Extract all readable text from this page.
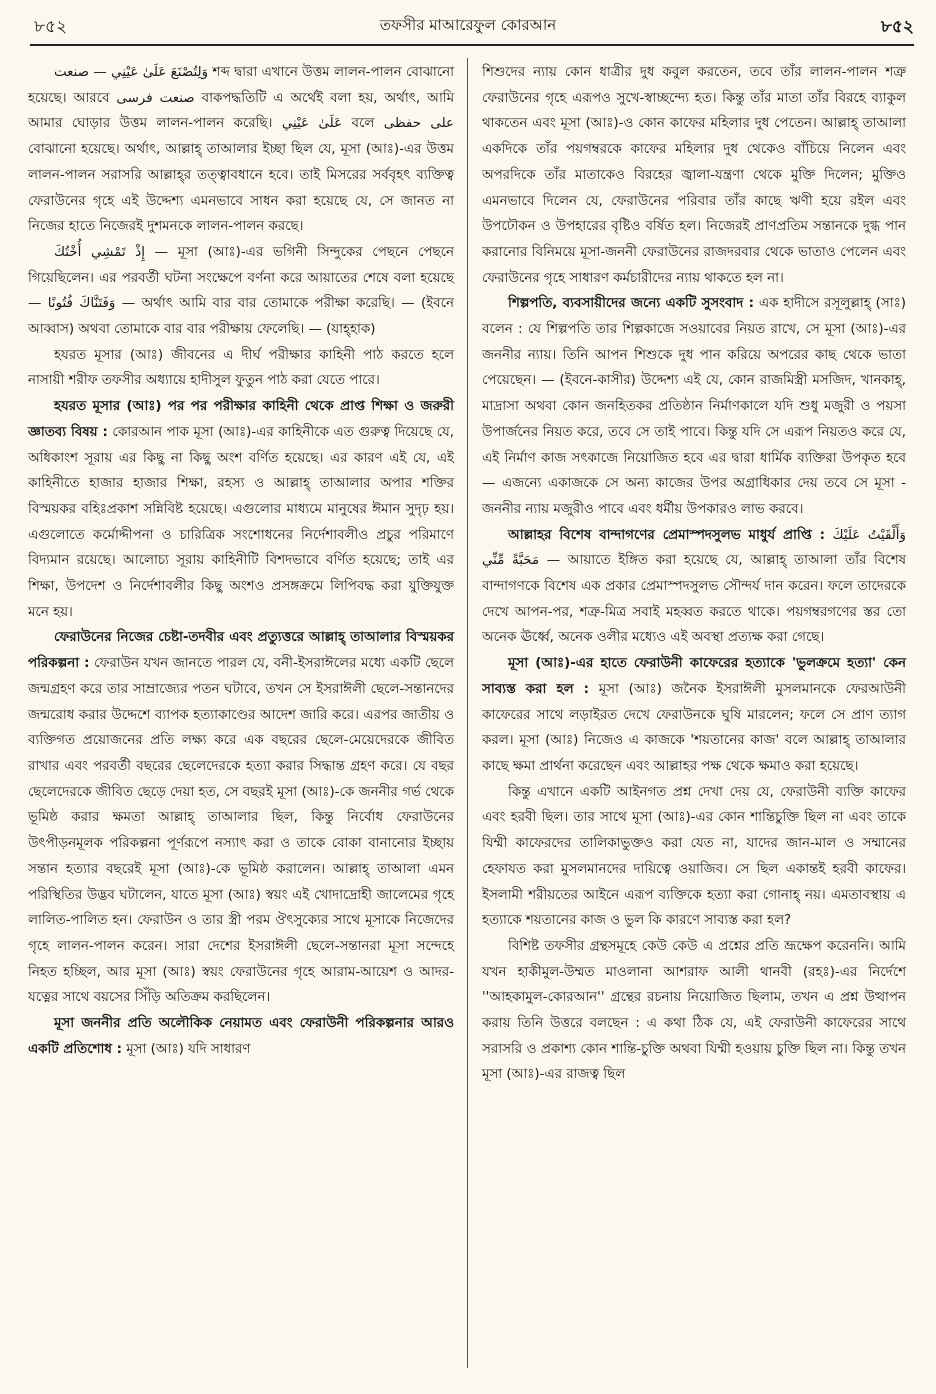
৮৫২	তফসীর মাআরেফুল কোরআন	৮৫২

وَلِتُصْنَعَ عَلَىٰ عَيْنِي — صنعت শব্দ দ্বারা এখানে উত্তম লালন-পালন বোঝানো হয়েছে। আরবে صنعت فرسی বাকপদ্ধতিটি এ অর্থেই বলা হয়, অর্থাৎ, আমি আমার ঘোড়ার উত্তম লালন-পালন করেছি। عَلَىٰ عَيْنِي বলে علی حفظی বোঝানো হয়েছে। অর্থাৎ, আল্লাহ্ তাআলার ইচ্ছা ছিল যে, মূসা (আঃ)-এর উত্তম লালন-পালন সরাসরি আল্লাহ্‌র তত্ত্বাবধানে হবে। তাই মিসরের সর্ববৃহৎ ব্যক্তিত্ব ফেরাউনের গৃহে এই উদ্দেশ্য এমনভাবে সাধন করা হয়েছে যে, সে জানত না নিজের হাতে নিজেরই দুশমনকে লালন-পালন করছে।

إِذْ تَمْشِي أُخْتُكَ — মূসা (আঃ)-এর ভগিনী সিন্দুকের পেছনে পেছনে গিয়েছিলেন। এর পরবর্তী ঘটনা সংক্ষেপে বর্ণনা করে আয়াতের শেষে বলা হয়েছে— وَفَتَنَّاكَ فُتُونًا — অর্থাৎ আমি বার বার তোমাকে পরীক্ষা করেছি। — (ইবনে আব্বাস) অথবা তোমাকে বার বার পরীক্ষায় ফেলেছি। — (যাহ্হাক)

হযরত মূসার (আঃ) জীবনের এ দীর্ঘ পরীক্ষার কাহিনী পাঠ করতে হলে নাসায়ী শরীফ তফসীর অধ্যায়ে হাদীসুল ফুতুন পাঠ করা যেতে পারে।

হযরত মূসার (আঃ) পর পর পরীক্ষার কাহিনী থেকে প্রাপ্ত শিক্ষা ও জরুরী জ্ঞাতব্য বিষয় : কোরআন পাক মূসা (আঃ)-এর কাহিনীকে এত গুরুত্ব দিয়েছে যে, অধিকাংশ সূরায় এর কিছু না কিছু অংশ বর্ণিত হয়েছে। এর কারণ এই যে, এই কাহিনীতে হাজার হাজার শিক্ষা, রহস্য ও আল্লাহ্ তাআলার অপার শক্তির বিস্ময়কর বহিঃপ্রকাশ সন্নিবিষ্ট হয়েছে। এগুলোর মাধ্যমে মানুষের ঈমান সুদৃঢ় হয়। এগুলোতে কর্মোদ্দীপনা ও চারিত্রিক সংশোধনের নির্দেশাবলীও প্রচুর পরিমাণে বিদ্যমান রয়েছে। আলোচ্য সূরায় কাহিনীটি বিশদভাবে বর্ণিত হয়েছে; তাই এর শিক্ষা, উপদেশ ও নির্দেশাবলীর কিছু অংশও প্রসঙ্গক্রমে লিপিবদ্ধ করা যুক্তিযুক্ত মনে হয়।

ফেরাউনের নিজের চেষ্টা-তদবীর এবং প্রত্যুত্তরে আল্লাহ্ তাআলার বিস্ময়কর পরিকল্পনা : ফেরাউন যখন জানতে পারল যে, বনী-ইসরাঈলের মধ্যে একটি ছেলে জন্মগ্রহণ করে তার সাম্রাজ্যের পতন ঘটাবে, তখন সে ইসরাঈলী ছেলে-সন্তানদের জন্মরোধ করার উদ্দেশে ব্যাপক হত্যাকাণ্ডের আদেশ জারি করে। এরপর জাতীয় ও ব্যক্তিগত প্রয়োজনের প্রতি লক্ষ্য করে এক বছরের ছেলে-মেয়েদেরকে জীবিত রাখার এবং পরবর্তী বছরের ছেলেদেরকে হত্যা করার সিদ্ধান্ত গ্রহণ করে। যে বছর ছেলেদেরকে জীবিত ছেড়ে দেয়া হত, সে বছরই মূসা (আঃ)-কে জননীর গর্ভ থেকে ভূমিষ্ঠ করার ক্ষমতা আল্লাহ্ তাআলার ছিল, কিন্তু নির্বোধ ফেরাউনের উৎপীড়নমূলক পরিকল্পনা পূর্ণরূপে নস্যাৎ করা ও তাকে বোকা বানানোর ইচ্ছায় সন্তান হত্যার বছরেই মূসা (আঃ)-কে ভূমিষ্ঠ করালেন। আল্লাহ্ তাআলা এমন পরিস্থিতির উদ্ভব ঘটালেন, যাতে মূসা (আঃ) স্বয়ং এই খোদাদ্রোহী জালেমের গৃহে লালিত-পালিত হন। ফেরাউন ও তার স্ত্রী পরম ঔৎসুক্যের সাথে মূসাকে নিজেদের গৃহে লালন-পালন করেন। সারা দেশের ইসরাঈলী ছেলে-সন্তানরা মূসা সন্দেহে নিহত হচ্ছিল, আর মূসা (আঃ) স্বয়ং ফেরাউনের গৃহে আরাম-আয়েশ ও আদর-যত্নের সাথে বয়সের সিঁড়ি অতিক্রম করছিলেন।

মূসা জননীর প্রতি অলৌকিক নেয়ামত এবং ফেরাউনী পরিকল্পনার আরও একটি প্রতিশোধ : মূসা (আঃ) যদি সাধারণ

শিশুদের ন্যায় কোন ধাত্রীর দুধ কবুল করতেন, তবে তাঁর লালন-পালন শত্রু ফেরাউনের গৃহে এরূপও সুখে-স্বাচ্ছন্দ্যে হত। কিন্তু তাঁর মাতা তাঁর বিরহে ব্যাকুল থাকতেন এবং মূসা (আঃ)-ও কোন কাফের মহিলার দুধ পেতেন। আল্লাহ্ তাআলা একদিকে তাঁর পয়গম্বরকে কাফের মহিলার দুধ থেকেও বাঁচিয়ে নিলেন এবং অপরদিকে তাঁর মাতাকেও বিরহের জ্বালা-যন্ত্রণা থেকে মুক্তি দিলেন; মুক্তিও এমনভাবে দিলেন যে, ফেরাউনের পরিবার তাঁর কাছে ঋণী হয়ে রইল এবং উপঢৌকন ও উপহারের বৃষ্টিও বর্ষিত হল। নিজেরই প্রাণপ্রতিম সন্তানকে দুগ্ধ পান করানোর বিনিময়ে মূসা-জননী ফেরাউনের রাজদরবার থেকে ভাতাও পেলেন এবং ফেরাউনের গৃহে সাধারণ কর্মচারীদের ন্যায় থাকতে হল না।

শিল্পপতি, ব্যবসায়ীদের জন্যে একটি সুসংবাদ : এক হাদীসে রসূলুল্লাহ্ (সাঃ) বলেন : যে শিল্পপতি তার শিল্পকাজে সওয়াবের নিয়ত রাখে, সে মূসা (আঃ)-এর জননীর ন্যায়। তিনি আপন শিশুকে দুধ পান করিয়ে অপরের কাছ থেকে ভাতা পেয়েছেন। — (ইবনে-কাসীর) উদ্দেশ্য এই যে, কোন রাজমিস্ত্রী মসজিদ, খানকাহ্, মাদ্রাসা অথবা কোন জনহিতকর প্রতিষ্ঠান নির্মাণকালে যদি শুধু মজুরী ও পয়সা উপার্জনের নিয়ত করে, তবে সে তাই পাবে। কিন্তু যদি সে এরূপ নিয়তও করে যে, এই নির্মাণ কাজ সৎকাজে নিয়োজিত হবে এর দ্বারা ধার্মিক ব্যক্তিরা উপকৃত হবে — এজন্যে একাজকে সে অন্য কাজের উপর অগ্রাধিকার দেয় তবে সে মূসা - জননীর ন্যায় মজুরীও পাবে এবং ধর্মীয় উপকারও লাভ করবে।

আল্লাহর বিশেষ বান্দাগণের প্রেমাস্পদসুলভ মাধুর্য প্রাপ্তি : وَأَلْقَيْتُ عَلَيْكَ مَحَبَّةً مِّنِّي — আয়াতে ইঙ্গিত করা হয়েছে যে, আল্লাহ্ তাআলা তাঁর বিশেষ বান্দাগণকে বিশেষ এক প্রকার প্রেমাস্পদসুলভ সৌন্দর্য দান করেন। ফলে তাদেরকে দেখে আপন-পর, শত্রু-মিত্র সবাই মহব্বত করতে থাকে। পয়গম্বরগণের স্তর তো অনেক ঊর্ধ্বে, অনেক ওলীর মধ্যেও এই অবস্থা প্রত্যক্ষ করা গেছে।

মূসা (আঃ)-এর হাতে ফেরাউনী কাফেরের হত্যাকে 'ভুলক্রমে হত্যা' কেন সাব্যস্ত করা হল : মূসা (আঃ) জনৈক ইসরাঈলী মুসলমানকে ফেরআউনী কাফেরের সাথে লড়াইরত দেখে ফেরাউনকে ঘুষি মারলেন; ফলে সে প্রাণ ত্যাগ করল। মূসা (আঃ) নিজেও এ কাজকে 'শয়তানের কাজ' বলে আল্লাহ্ তাআলার কাছে ক্ষমা প্রার্থনা করেছেন এবং আল্লাহর পক্ষ থেকে ক্ষমাও করা হয়েছে।

কিন্তু এখানে একটি আইনগত প্রশ্ন দেখা দেয় যে, ফেরাউনী ব্যক্তি কাফের এবং হরবী ছিল। তার সাথে মূসা (আঃ)-এর কোন শান্তিচুক্তি ছিল না এবং তাকে যিম্মী কাফেরদের তালিকাভুক্তও করা যেত না, যাদের জান-মাল ও সম্মানের হেফাযত করা মুসলমানদের দায়িত্বে ওয়াজিব। সে ছিল একান্তই হরবী কাফের। ইসলামী শরীয়তের আইনে এরূপ ব্যক্তিকে হত্যা করা গোনাহ্ নয়। এমতাবস্থায় এ হত্যাকে শয়তানের কাজ ও ভুল কি কারণে সাব্যস্ত করা হল?

বিশিষ্ট তফসীর গ্রন্থসমূহে কেউ কেউ এ প্রশ্নের প্রতি ভ্রূক্ষেপ করেননি। আমি যখন হাকীমুল-উম্মত মাওলানা আশরাফ আলী থানবী (রহঃ)-এর নির্দেশে ''আহকামুল-কোরআন'' গ্রন্থের রচনায় নিয়োজিত ছিলাম, তখন এ প্রশ্ন উত্থাপন করায় তিনি উত্তরে বলছেন : এ কথা ঠিক যে, এই ফেরাউনী কাফেরের সাথে সরাসরি ও প্রকাশ্য কোন শান্তি-চুক্তি অথবা যিম্মী হওয়ায় চুক্তি ছিল না। কিন্তু তখন মূসা (আঃ)-এর রাজত্ব ছিল
